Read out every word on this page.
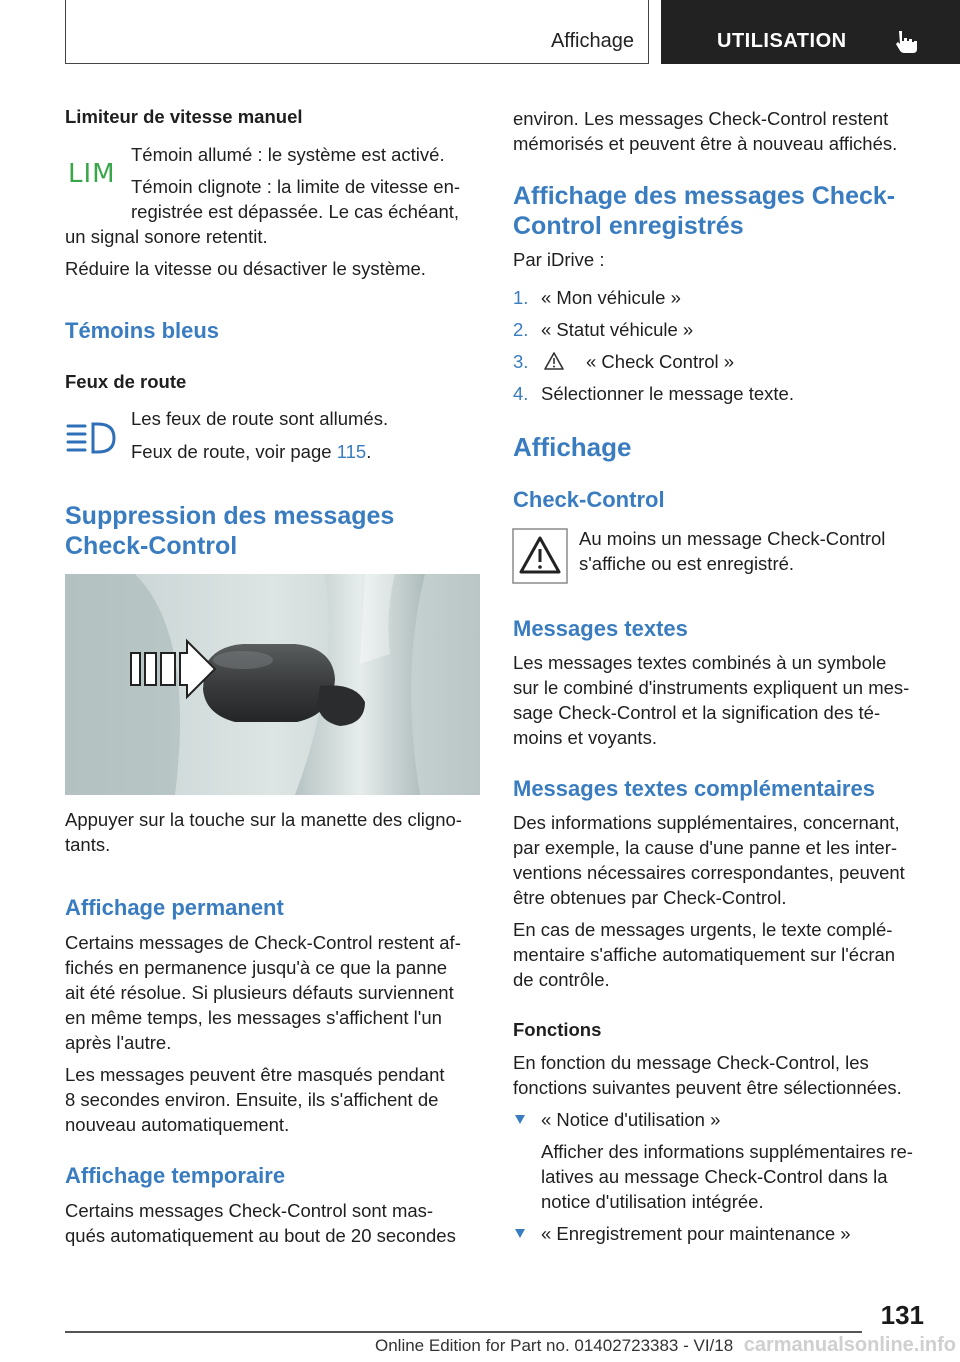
Affichage	UTILISATION
Limiteur de vitesse manuel
LIM
Témoin allumé : le système est activé.
Témoin clignote : la limite de vitesse en-
registrée est dépassée. Le cas échéant,
un signal sonore retentit.
Réduire la vitesse ou désactiver le système.
Témoins bleus
Feux de route
Les feux de route sont allumés.
Feux de route, voir page 115.
Suppression des messages
Check-Control
Appuyer sur la touche sur la manette des cligno-
tants.
Affichage permanent
Certains messages de Check-Control restent af-
fichés en permanence jusqu'à ce que la panne
ait été résolue. Si plusieurs défauts surviennent
en même temps, les messages s'affichent l'un
après l'autre.
Les messages peuvent être masqués pendant
8 secondes environ. Ensuite, ils s'affichent de
nouveau automatiquement.
Affichage temporaire
Certains messages Check-Control sont mas-
qués automatiquement au bout de 20 secondes
environ. Les messages Check-Control restent
mémorisés et peuvent être à nouveau affichés.
Affichage des messages Check-
Control enregistrés
Par iDrive :
1. « Mon véhicule »
2. « Statut véhicule »
3.	« Check Control »
4. Sélectionner le message texte.
Affichage
Check-Control
Au moins un message Check-Control
s'affiche ou est enregistré.
Messages textes
Les messages textes combinés à un symbole
sur le combiné d'instruments expliquent un mes-
sage Check-Control et la signification des té-
moins et voyants.
Messages textes complémentaires
Des informations supplémentaires, concernant,
par exemple, la cause d'une panne et les inter-
ventions nécessaires correspondantes, peuvent
être obtenues par Check-Control.
En cas de messages urgents, le texte complé-
mentaire s'affiche automatiquement sur l'écran
de contrôle.
Fonctions
En fonction du message Check-Control, les
fonctions suivantes peuvent être sélectionnées.
« Notice d'utilisation »
Afficher des informations supplémentaires re-
latives au message Check-Control dans la
notice d'utilisation intégrée.
« Enregistrement pour maintenance »
131
Online Edition for Part no. 01402723383 - VI/18 carmanualsonline.info
